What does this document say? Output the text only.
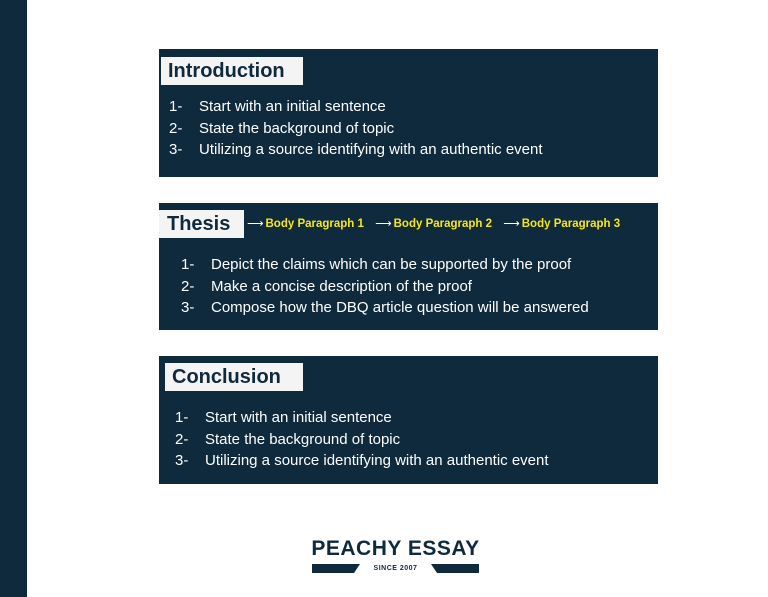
Introduction
1- Start with an initial sentence
2- State the background of topic
3- Utilizing a source identifying with an authentic event
Thesis	⟶ Body Paragraph 1 ⟶ Body Paragraph 2 ⟶ Body Paragraph 3
1- Depict the claims which can be supported by the proof
2- Make a concise description of the proof
3- Compose how the DBQ article question will be answered
Conclusion
1- Start with an initial sentence
2- State the background of topic
3- Utilizing a source identifying with an authentic event
PEACHY ESSAY
SINCE 2007
